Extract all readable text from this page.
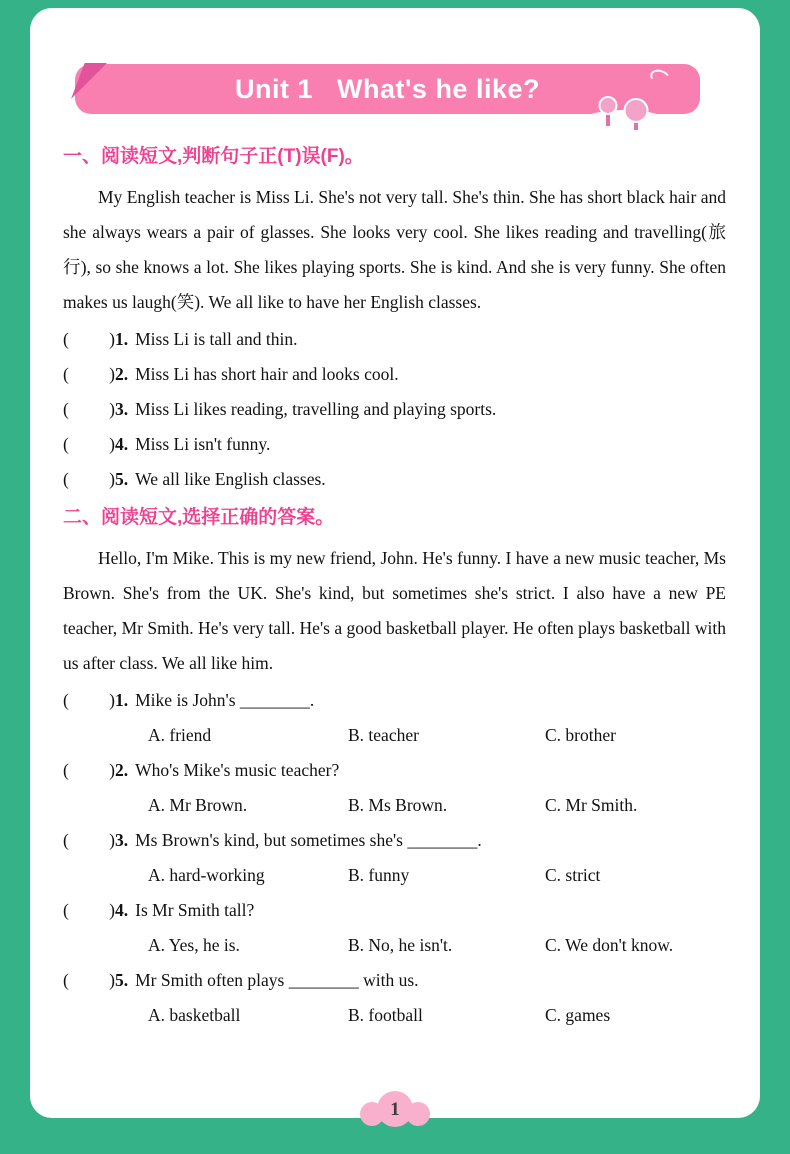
Unit 1   What's he like?
一、阅读短文,判断句子正(T)误(F)。

My English teacher is Miss Li. She's not very tall. She's thin. She has short black hair and she always wears a pair of glasses. She looks very cool. She likes reading and travelling(旅行), so she knows a lot. She likes playing sports. She is kind. And she is very funny. She often makes us laugh(笑). We all like to have her English classes.

( ) 1. Miss Li is tall and thin.
( ) 2. Miss Li has short hair and looks cool.
( ) 3. Miss Li likes reading, travelling and playing sports.
( ) 4. Miss Li isn't funny.
( ) 5. We all like English classes.
二、阅读短文,选择正确的答案。

Hello, I'm Mike. This is my new friend, John. He's funny. I have a new music teacher, Ms Brown. She's from the UK. She's kind, but sometimes she's strict. I also have a new PE teacher, Mr Smith. He's very tall. He's a good basketball player. He often plays basketball with us after class. We all like him.

( ) 1. Mike is John's ________.
A. friend	B. teacher	C. brother
( ) 2. Who's Mike's music teacher?
A. Mr Brown.	B. Ms Brown.	C. Mr Smith.
( ) 3. Ms Brown's kind, but sometimes she's ________.
A. hard-working	B. funny	C. strict
( ) 4. Is Mr Smith tall?
A. Yes, he is.	B. No, he isn't.	C. We don't know.
( ) 5. Mr Smith often plays ________ with us.
A. basketball	B. football	C. games
1
